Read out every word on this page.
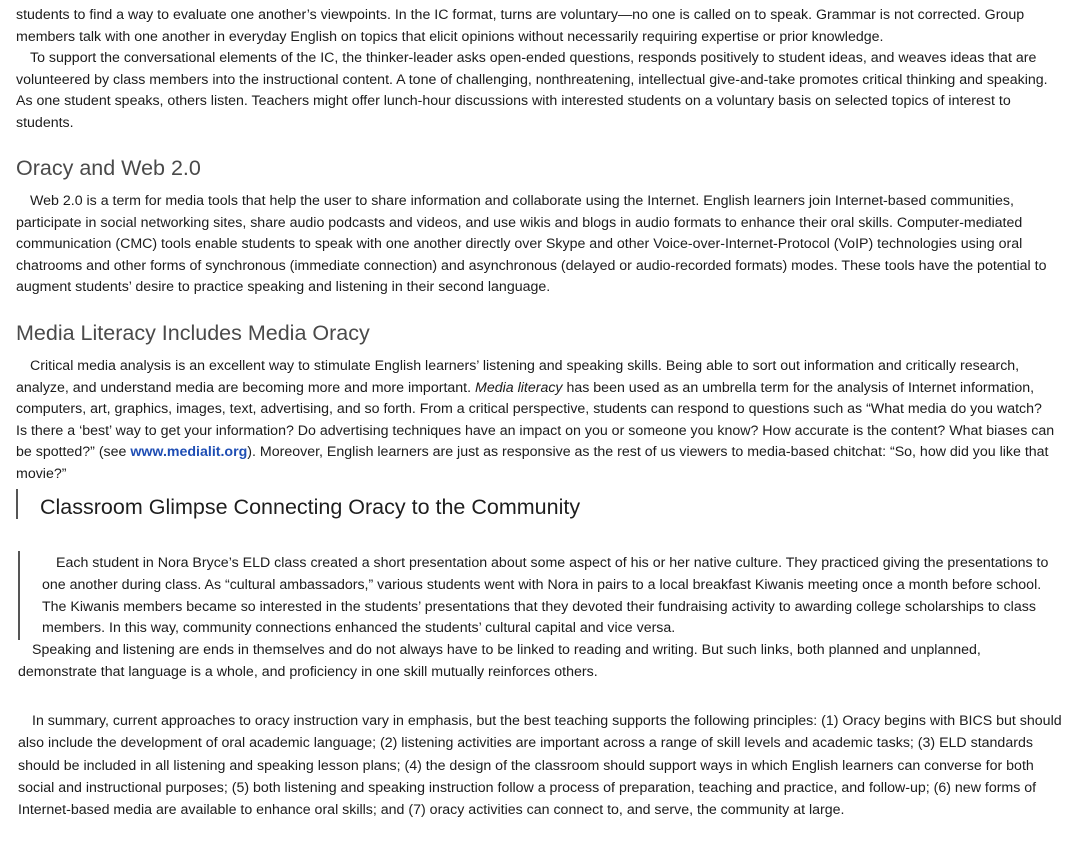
students to find a way to evaluate one another’s viewpoints. In the IC format, turns are voluntary—no one is called on to speak. Grammar is not corrected. Group members talk with one another in everyday English on topics that elicit opinions without necessarily requiring expertise or prior knowledge.

To support the conversational elements of the IC, the thinker-leader asks open-ended questions, responds positively to student ideas, and weaves ideas that are volunteered by class members into the instructional content. A tone of challenging, nonthreatening, intellectual give-and-take promotes critical thinking and speaking. As one student speaks, others listen. Teachers might offer lunch-hour discussions with interested students on a voluntary basis on selected topics of interest to students.

Oracy and Web 2.0

Web 2.0 is a term for media tools that help the user to share information and collaborate using the Internet. English learners join Internet-based communities, participate in social networking sites, share audio podcasts and videos, and use wikis and blogs in audio formats to enhance their oral skills. Computer-mediated communication (CMC) tools enable students to speak with one another directly over Skype and other Voice-over-Internet-Protocol (VoIP) technologies using oral chatrooms and other forms of synchronous (immediate connection) and asynchronous (delayed or audio-recorded formats) modes. These tools have the potential to augment students’ desire to practice speaking and listening in their second language.

Media Literacy Includes Media Oracy

Critical media analysis is an excellent way to stimulate English learners’ listening and speaking skills. Being able to sort out information and critically research, analyze, and understand media are becoming more and more important. Media literacy has been used as an umbrella term for the analysis of Internet information, computers, art, graphics, images, text, advertising, and so forth. From a critical perspective, students can respond to questions such as “What media do you watch? Is there a ‘best’ way to get your information? Do advertising techniques have an impact on you or someone you know? How accurate is the content? What biases can be spotted?” (see www.medialit.org). Moreover, English learners are just as responsive as the rest of us viewers to media-based chitchat: “So, how did you like that movie?”

Classroom Glimpse Connecting Oracy to the Community

Each student in Nora Bryce’s ELD class created a short presentation about some aspect of his or her native culture. They practiced giving the presentations to one another during class. As “cultural ambassadors,” various students went with Nora in pairs to a local breakfast Kiwanis meeting once a month before school. The Kiwanis members became so interested in the students’ presentations that they devoted their fundraising activity to awarding college scholarships to class members. In this way, community connections enhanced the students’ cultural capital and vice versa.

Speaking and listening are ends in themselves and do not always have to be linked to reading and writing. But such links, both planned and unplanned, demonstrate that language is a whole, and proficiency in one skill mutually reinforces others.

In summary, current approaches to oracy instruction vary in emphasis, but the best teaching supports the following principles: (1) Oracy begins with BICS but should also include the development of oral academic language; (2) listening activities are important across a range of skill levels and academic tasks; (3) ELD standards should be included in all listening and speaking lesson plans; (4) the design of the classroom should support ways in which English learners can converse for both social and instructional purposes; (5) both listening and speaking instruction follow a process of preparation, teaching and practice, and follow-up; (6) new forms of Internet-based media are available to enhance oral skills; and (7) oracy activities can connect to, and serve, the community at large.
